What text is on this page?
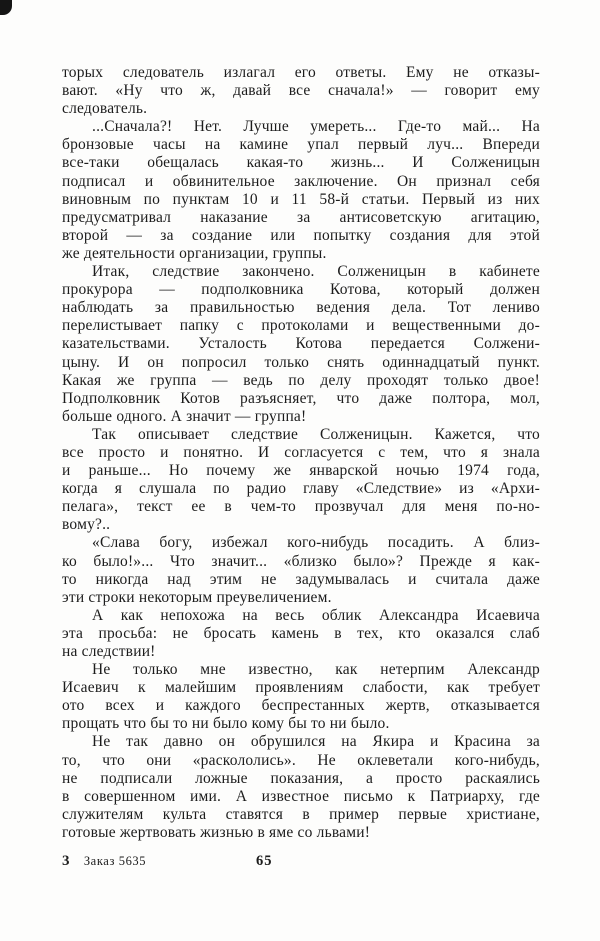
торых следователь излагал его ответы. Ему не отказы-
вают. «Ну что ж, давай все сначала!» — говорит ему
следователь.
...Сначала?! Нет. Лучше умереть... Где-то май... На
бронзовые часы на камине упал первый луч... Впереди
все-таки обещалась какая-то жизнь... И Солженицын
подписал и обвинительное заключение. Он признал себя
виновным по пунктам 10 и 11 58-й статьи. Первый из них
предусматривал наказание за антисоветскую агитацию,
второй — за создание или попытку создания для этой
же деятельности организации, группы.
Итак, следствие закончено. Солженицын в кабинете
прокурора — подполковника Котова, который должен
наблюдать за правильностью ведения дела. Тот лениво
перелистывает папку с протоколами и вещественными до-
казательствами. Усталость Котова передается Солжени-
цыну. И он попросил только снять одиннадцатый пункт.
Какая же группа — ведь по делу проходят только двое!
Подполковник Котов разъясняет, что даже полтора, мол,
больше одного. А значит — группа!
Так описывает следствие Солженицын. Кажется, что
все просто и понятно. И согласуется с тем, что я знала
и раньше... Но почему же январской ночью 1974 года,
когда я слушала по радио главу «Следствие» из «Архи-
пелага», текст ее в чем-то прозвучал для меня по-но-
вому?..
«Слава богу, избежал кого-нибудь посадить. А близ-
ко было!»... Что значит... «близко было»? Прежде я как-
то никогда над этим не задумывалась и считала даже
эти строки некоторым преувеличением.
А как непохожа на весь облик Александра Исаевича
эта просьба: не бросать камень в тех, кто оказался слаб
на следствии!
Не только мне известно, как нетерпим Александр
Исаевич к малейшим проявлениям слабости, как требует
ото всех и каждого беспрестанных жертв, отказывается
прощать что бы то ни было кому бы то ни было.
Не так давно он обрушился на Якира и Красина за
то, что они «раскололись». Не оклеветали кого-нибудь,
не подписали ложные показания, а просто раскаялись
в совершенном ими. А известное письмо к Патриарху, где
служителям культа ставятся в пример первые христиане,
готовые жертвовать жизнью в яме со львами!
3 Заказ 5635	65
